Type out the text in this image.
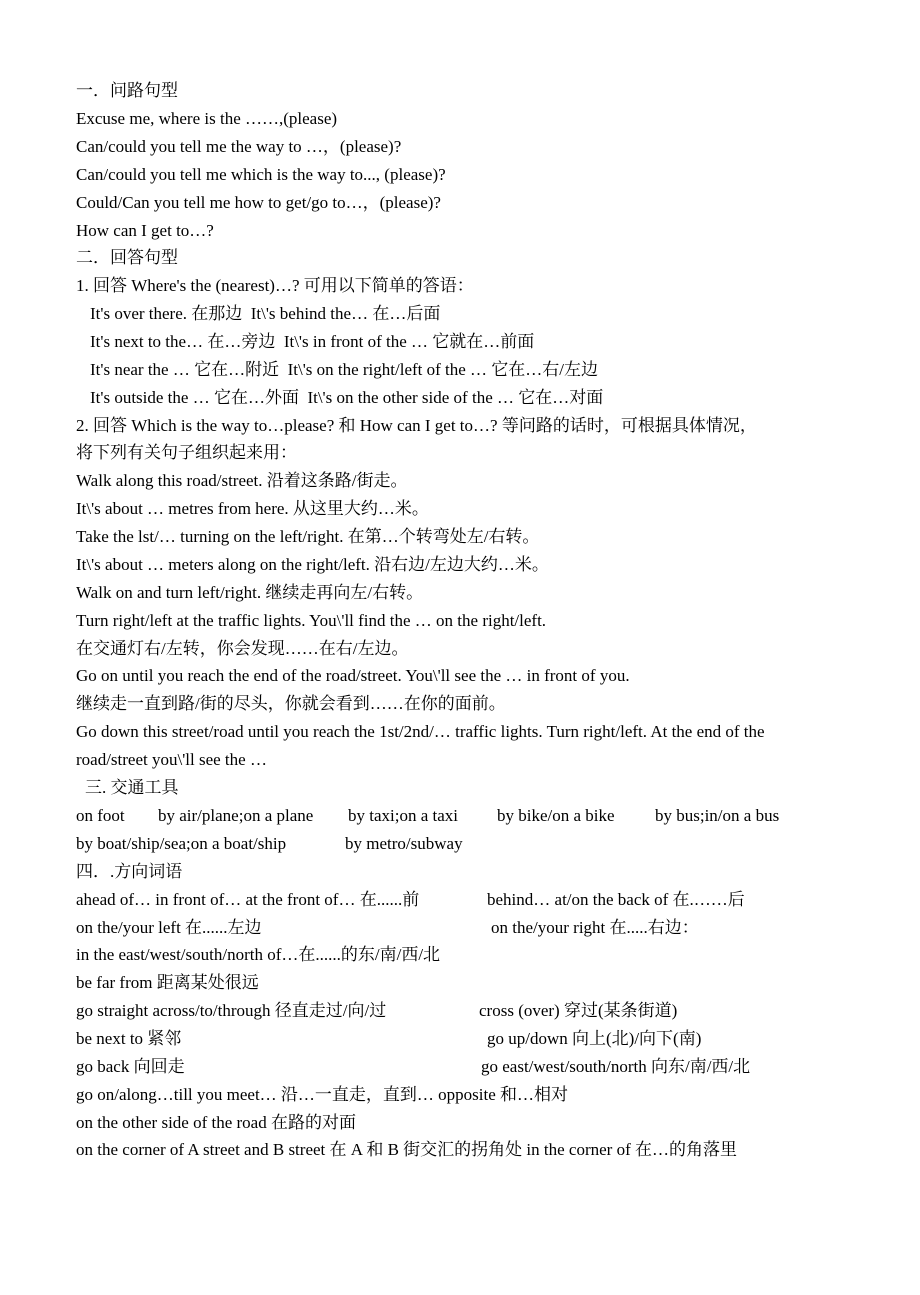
一．问路句型
Excuse me, where is the ……,(please)
Can/could you tell me the way to …，(please)?
Can/could you tell me which is the way to..., (please)?
Could/Can you tell me how to get/go to…，(please)?
How can I get to…?
二．回答句型
1. 回答 Where's the (nearest)…? 可用以下简单的答语：
It's over there. 在那边  It\'s behind the… 在…后面
It's next to the… 在…旁边  It\'s in front of the … 它就在…前面
It's near the … 它在…附近  It\'s on the right/left of the … 它在…右/左边
It's outside the … 它在…外面  It\'s on the other side of the … 它在…对面
2. 回答 Which is the way to…please? 和 How can I get to…? 等问路的话时，可根据具体情况，
将下列有关句子组织起来用：
Walk along this road/street. 沿着这条路/街走。
It\'s about … metres from here. 从这里大约…米。
Take the lst/… turning on the left/right. 在第…个转弯处左/右转。
It\'s about … meters along on the right/left. 沿右边/左边大约…米。
Walk on and turn left/right. 继续走再向左/右转。
Turn right/left at the traffic lights. You\'ll find the … on the right/left.
在交通灯右/左转，你会发现……在右/左边。
Go on until you reach the end of the road/street. You\'ll see the … in front of you.
继续走一直到路/街的尽头，你就会看到……在你的面前。
Go down this street/road until you reach the 1st/2nd/… traffic lights. Turn right/left. At the end of the
road/street you\'ll see the …
三. 交通工具
on foot by air/plane;on a plane by taxi;on a taxi by bike/on a bike by bus;in/on a bus
by boat/ship/sea;on a boat/ship	by metro/subway
四．.方向词语
ahead of… in front of… at the front of… 在......前	behind… at/on the back of 在.……后
on the/your left 在......左边	on the/your right 在.....右边：
in the east/west/south/north of…在......的东/南/西/北
be far from 距离某处很远
go straight across/to/through 径直走过/向/过	cross (over) 穿过(某条街道)
be next to 紧邻	go up/down 向上(北)/向下(南)
go back 向回走	go east/west/south/north 向东/南/西/北
go on/along…till you meet… 沿…一直走，直到… opposite 和…相对
on the other side of the road 在路的对面
on the corner of A street and B street 在 A 和 B 街交汇的拐角处 in the corner of 在…的角落里
